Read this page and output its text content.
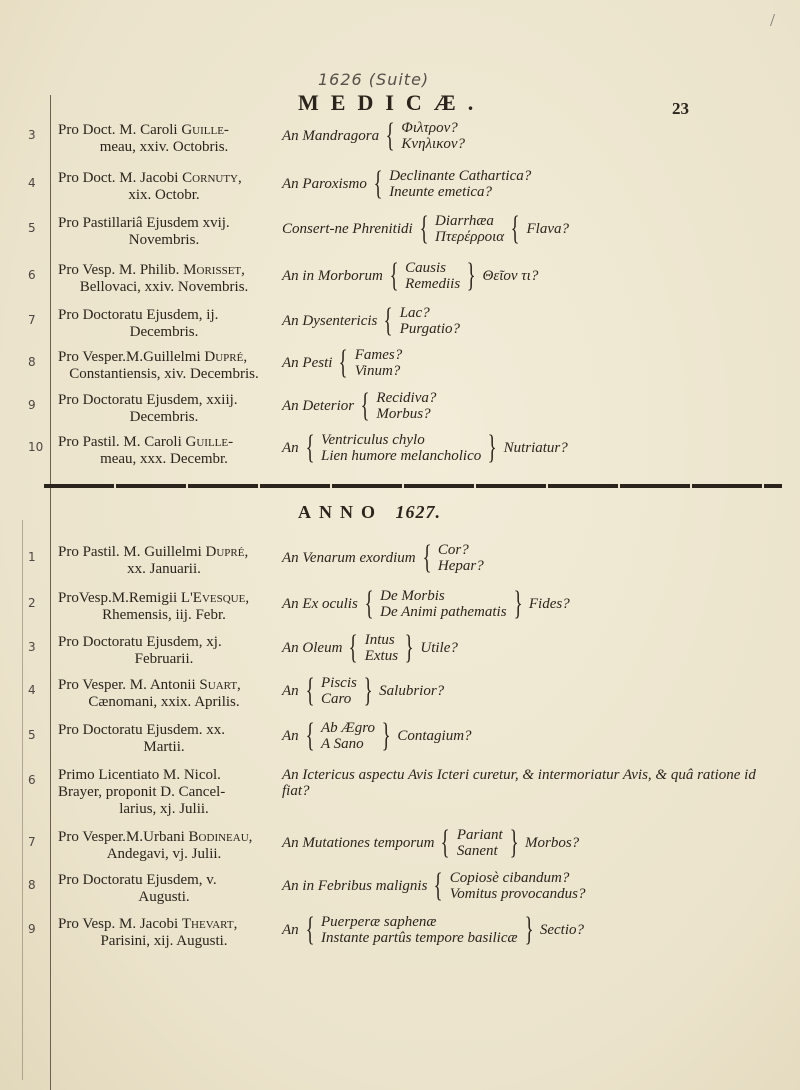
/
1626 (Suite)
MEDICÆ.	23
3 Pro Doct. M. Caroli Guille-
meau, xxiv. Octobris.
An Mandragora { Φιλτρον?
Κνηλικον?
4 Pro Doct. M. Jacobi Cornuty,
xix. Octobr.
An Paroxismo { Declinante Cathartica?
Ineunte emetica?
5 Pro Pastillariâ Ejusdem xvij.
Novembris.
Consert-ne Phrenitidi { Diarrhæa
Πτερέρροια { Flava?
6 Pro Vesp. M. Philib. Morisset,
Bellovaci, xxiv. Novembris.
An in Morborum { Causis
Remediis } Θεῖον τι?
7 Pro Doctoratu Ejusdem, ij.
Decembris.
An Dysentericis { Lac?
Purgatio?
8 Pro Vesper.M.Guillelmi Dupré,
Constantiensis, xiv. Decembris.
An Pesti { Fames?
Vinum?
9 Pro Doctoratu Ejusdem, xxiij.
Decembris.
An Deterior { Recidiva?
Morbus?
10 Pro Pastil. M. Caroli Guille-
meau, xxx. Decembr.
An { Ventriculus chylo
Lien humore melancholico } Nutriatur?
ANNO 1627.
1 Pro Pastil. M. Guillelmi Dupré,
xx. Januarii.
An Venarum exordium { Cor?
Hepar?
2 ProVesp.M.Remigii L'Evesque,
Rhemensis, iij. Febr.
An Ex oculis { De Morbis
De Animi pathematis } Fides?
3 Pro Doctoratu Ejusdem, xj.
Februarii.
An Oleum { Intus
Extus } Utile?
4 Pro Vesper. M. Antonii Suart,
Cænomani, xxix. Aprilis.
An { Piscis
Caro } Salubrior?
5 Pro Doctoratu Ejusdem. xx.
Martii.
An { Ab Ægro
A Sano } Contagium?
6 Primo Licentiato M. Nicol.
Brayer, proponit D. Cancel-
larius, xj. Julii.
An Ictericus aspectu Avis Icteri curetur, & intermoriatur Avis, & quâ ratione id fiat?
7 Pro Vesper.M.Urbani Bodineau,
Andegavi, vj. Julii.
An Mutationes temporum { Pariant
Sanent } Morbos?
8 Pro Doctoratu Ejusdem, v.
Augusti.
An in Febribus malignis { Copiosè cibandum?
Vomitus provocandus?
9 Pro Vesp. M. Jacobi Thevart,
Parisini, xij. Augusti.
An { Puerperæ saphenæ
Instante partûs tempore basilicæ } Sectio?
